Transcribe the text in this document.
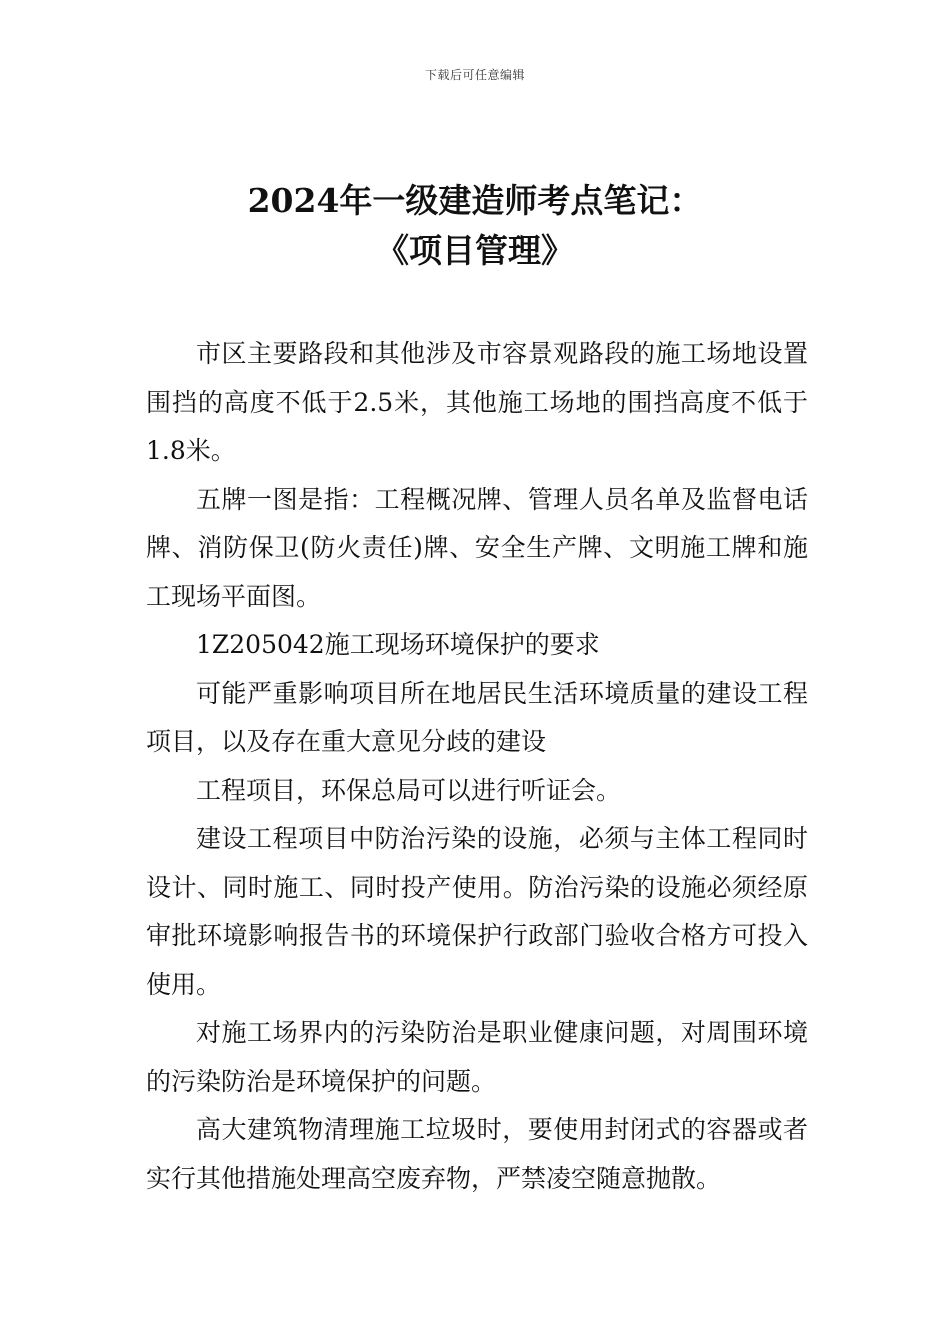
下载后可任意编辑
2024年一级建造师考点笔记：
《项目管理》

市区主要路段和其他涉及市容景观路段的施工场地设置围挡的高度不低于2.5米，其他施工场地的围挡高度不低于1.8米。

五牌一图是指：工程概况牌、管理人员名单及监督电话牌、消防保卫(防火责任)牌、安全生产牌、文明施工牌和施工现场平面图。

1Z205042施工现场环境保护的要求

可能严重影响项目所在地居民生活环境质量的建设工程项目，以及存在重大意见分歧的建设

工程项目，环保总局可以进行听证会。

建设工程项目中防治污染的设施，必须与主体工程同时设计、同时施工、同时投产使用。防治污染的设施必须经原审批环境影响报告书的环境保护行政部门验收合格方可投入使用。

对施工场界内的污染防治是职业健康问题，对周围环境的污染防治是环境保护的问题。

高大建筑物清理施工垃圾时，要使用封闭式的容器或者实行其他措施处理高空废弃物，严禁凌空随意抛散。
